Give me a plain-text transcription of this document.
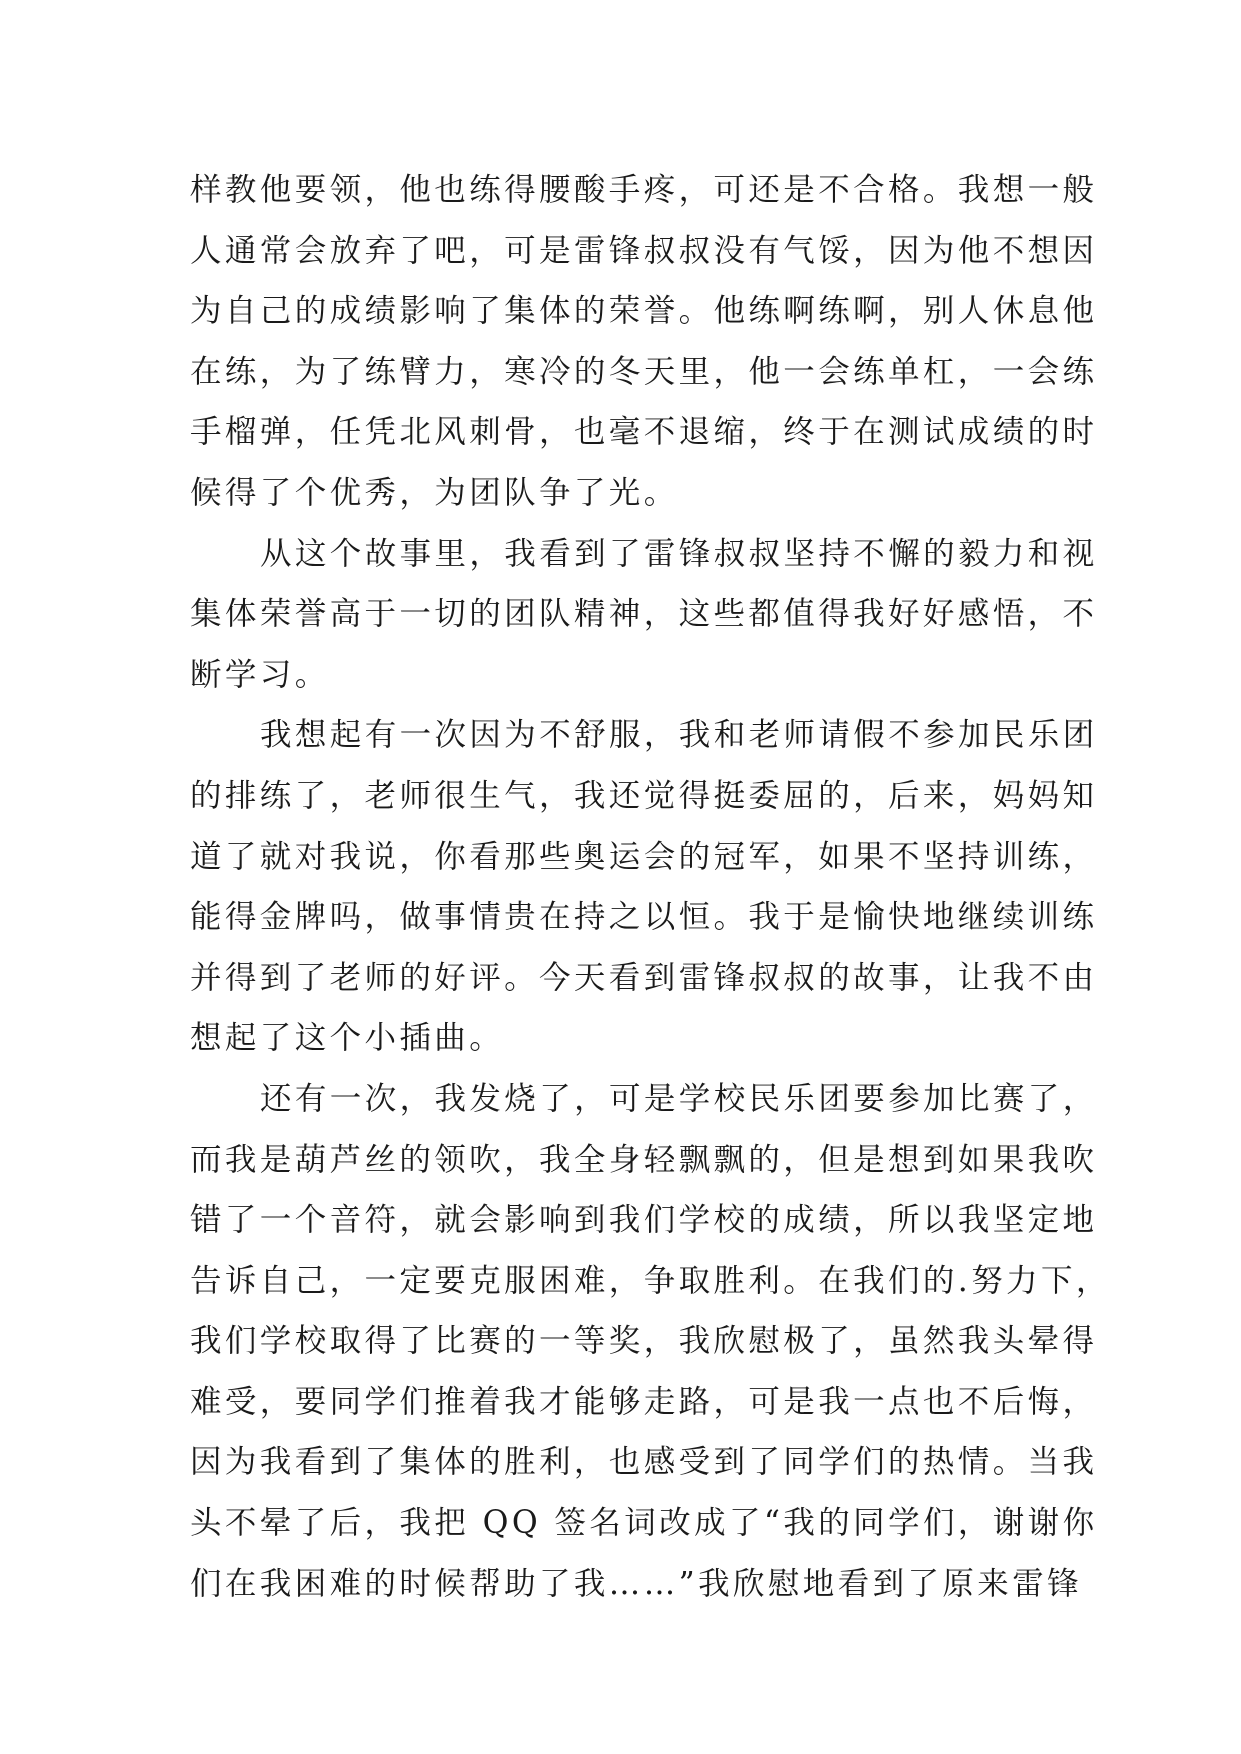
样教他要领，他也练得腰酸手疼，可还是不合格。我想一般
人通常会放弃了吧，可是雷锋叔叔没有气馁，因为他不想因
为自己的成绩影响了集体的荣誉。他练啊练啊，别人休息他
在练，为了练臂力，寒冷的冬天里，他一会练单杠，一会练
手榴弹，任凭北风刺骨，也毫不退缩，终于在测试成绩的时
候得了个优秀，为团队争了光。
从这个故事里，我看到了雷锋叔叔坚持不懈的毅力和视
集体荣誉高于一切的团队精神，这些都值得我好好感悟，不
断学习。
我想起有一次因为不舒服，我和老师请假不参加民乐团
的排练了，老师很生气，我还觉得挺委屈的，后来，妈妈知
道了就对我说，你看那些奥运会的冠军，如果不坚持训练，
能得金牌吗，做事情贵在持之以恒。我于是愉快地继续训练
并得到了老师的好评。今天看到雷锋叔叔的故事，让我不由
想起了这个小插曲。
还有一次，我发烧了，可是学校民乐团要参加比赛了，
而我是葫芦丝的领吹，我全身轻飘飘的，但是想到如果我吹
错了一个音符，就会影响到我们学校的成绩，所以我坚定地
告诉自己，一定要克服困难，争取胜利。在我们的.努力下，
我们学校取得了比赛的一等奖，我欣慰极了，虽然我头晕得
难受，要同学们推着我才能够走路，可是我一点也不后悔，
因为我看到了集体的胜利，也感受到了同学们的热情。当我
头不晕了后，我把 QQ 签名词改成了“我的同学们，谢谢你
们在我困难的时候帮助了我……”我欣慰地看到了原来雷锋
